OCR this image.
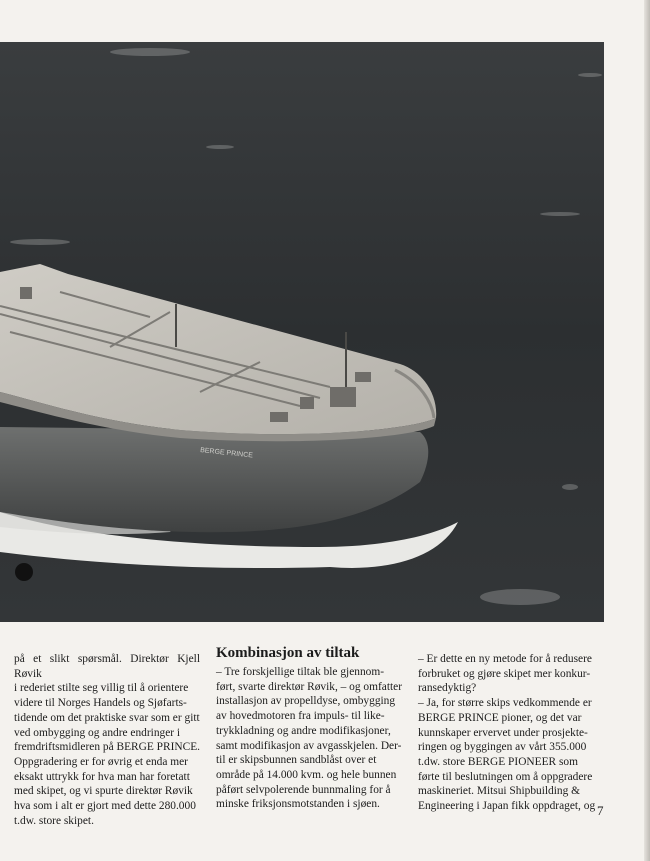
BERGE PRINCE

på et slikt spørsmål. Direktør Kjell Røvik

i rederiet stilte seg villig til å orientere

videre til Norges Handels og Sjøfarts-

tidende om det praktiske svar som er gitt

ved ombygging og andre endringer i

fremdriftsmidleren på BERGE PRINCE.

Oppgradering er for øvrig et enda mer

eksakt uttrykk for hva man har foretatt

med skipet, og vi spurte direktør Røvik

hva som i alt er gjort med dette 280.000

t.dw. store skipet.

Kombinasjon av tiltak

– Tre forskjellige tiltak ble gjennom-

ført, svarte direktør Røvik, – og omfatter

installasjon av propelldyse, ombygging

av hovedmotoren fra impuls- til like-

trykkladning og andre modifikasjoner,

samt modifikasjon av avgasskjelen. Der-

til er skipsbunnen sandblåst over et

område på 14.000 kvm. og hele bunnen

påført selvpolerende bunnmaling for å

minske friksjonsmotstanden i sjøen.

– Er dette en ny metode for å redusere

forbruket og gjøre skipet mer konkur-

ransedyktig?

– Ja, for større skips vedkommende er

BERGE PRINCE pioner, og det var

kunnskaper ervervet under prosjekte-

ringen og byggingen av vårt 355.000

t.dw. store BERGE PIONEER som

førte til beslutningen om å oppgradere

maskineriet. Mitsui Shipbuilding &

Engineering i Japan fikk oppdraget, og 7
